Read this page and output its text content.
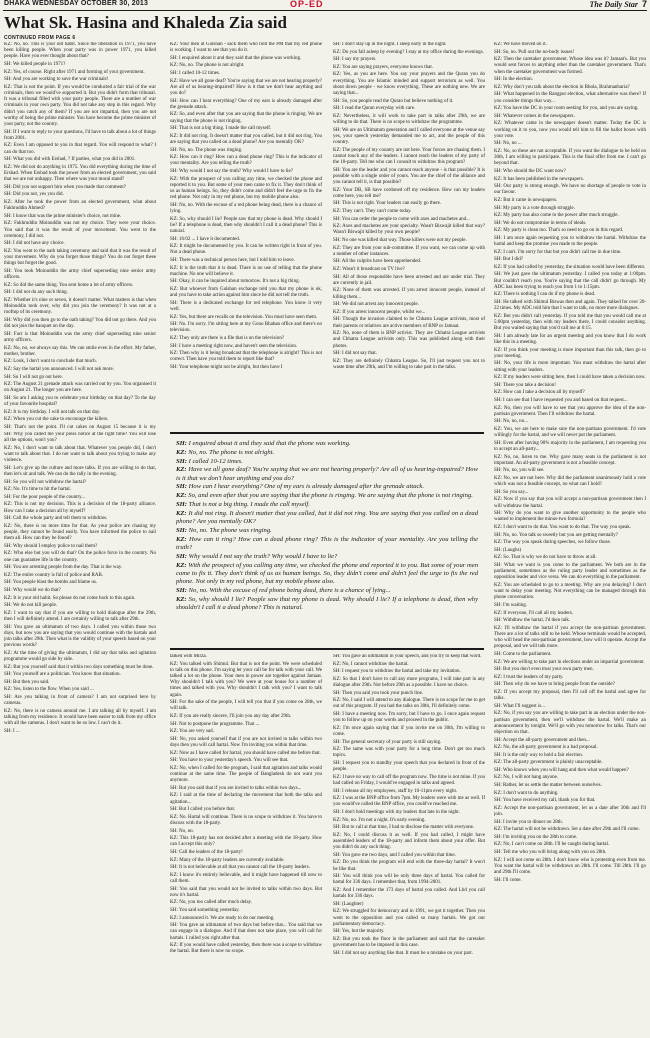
DHAKA WEDNESDAY OCTOBER 30, 2013	OP-ED	The Daily Star 7
What Sk. Hasina and Khaleda Zia said
CONTINUED FROM PAGE 6

KZ: No, no. This is your old habit. Since the liberation in 1971, you have been killing people. When your party was in power 1971, you killed people. Have you ever thought about that?

SH: We killed people in 1971?

KZ: Yes, of course. Right after 1971 and forming of your government.

SH: And you are working to save the war criminals!

KZ: That is not the point. If you would be conducted a fair trial of the war criminals, then we would've supported it. But you didn't form that tribunal. It was a tribunal filled with your party people. There are a number of war criminals in your own party. You did not take any step in this regard. Why didn't you catch any of them? If you are not impartial, then you are not worthy of being the prime minister. You have become the prime minister of your party, not the country.

SH: If I want to reply to your questions, I'd have to talk about a lot of things from 2001.

KZ: Even I am opposed to you in that regard. You will respond to what? I can do that too.

SH: What you did with Ershad, ? If parties, what you did in 2001.

KZ: We did not do anything in 1975. You did everything during the time of Ershad. When Ershad took the power from an elected government, you said that we are not unhappy. Then where was your moral stand?

SH: Did you not support him when you made that comment?

SH: Did you not, yes you did.

KZ: After he took the power from an elected government, what about Fakhruddin Ahmed?

SH: I know that was the prime minister's choice, not mine.

KZ: Fakhruddin Moinuddin was not my choice. They were your choice. You said that it was the result of your movement. You went to the ceremony, I did not.

SH: I did not have any choice.

KZ: You went to the oath taking ceremony and said that it was the result of your movement. Why do you forget those things? You do not forget these things but forget the good.

SH: You took Moinuddin the army chief superseding nine senior army officers.

KZ: So did the same thing. You sent home a lot of army officers.

SH: I did not do any such thing.

KZ: Whether it's nine or seven, it doesn't matter. What matters is that when Moinuddin took over, why did you join the ceremony? It was not at a rooftop of its ceremony.

SH: Why did you then go to the oath taking? You did not go there. And you did not join the banquet on the day.

SH: Fact is that Moinuddin was the army chief superseding nine senior army officers.

KZ: No, no, we always say this. We can smile even in the effort. My father, mother, brother.

KZ: Look, I don't want to conclude that much.

KZ: Say the hartal you announced. I will not ask more.

SH: So I will not go out here.

KZ: The August 21 grenade attack was carried out by you. You organised it on August 21. The longer you are here.

SH: So am I asking you to celebrate your birthday on that day? To the day of your favourite hospital?

KZ: It is my birthday. I will not talk on that day.

KZ: When you cut the cake to encourage the killers.

SH: That's not the point. I'll cut cakes on August 15 because it is my

KZ: Your men at Gulshan - sack them who told the PM that my red phone is working. I want to see that you do it.

SH: I enquired about it and they said that the phone was working.

KZ: No, no. The phone is not alright.

SH: I called 10-12 times.

KZ: Have we all gone deaf? You're saying that we are not hearing properly? Are all of us hearing-impaired? How is it that we don't hear anything and you do?

SH: How can I hear everything? One of my ears is already damaged after the grenade attack.

KZ: So, and even after that you are saying that the phone is ringing. We are saying that the phone is not ringing.

SH: That is not a big thing. I made the call myself.

KZ: It did not ring. It doesn't matter that you called, but it did not ring. You are saying that you called on a dead phone? Are you mentally OK?

SH: No, no. The phone was ringing.

KZ: How can it ring? How can a dead phone ring? This is the indicator of your mentality. Are you telling the truth?

SH: Why would I not say the truth? Why would I have to lie?

KZ: With the prospect of you calling any time, we checked the phone and reported it to you. But some of your men came to fix it. They don't think of us as human beings. So, they didn't come and didn't feel the urge to fix the red phone. Not only in my red phone, but my mobile phone also.

SH: No, no. With the excuse of a red phone being dead, there is a chance of lying.

KZ: So, why should I lie? People saw that my phone is dead. Why should I lie? If a telephone is dead, then why shouldn't I call it a dead phone? This is natural.

SH: 16:02 ... I have it documented.

KZ: It might be documented by you. It can be written right in front of you. Not a dead phone.

SH: There was a technical person here, but I told him to leave.

KZ: It is the truth that it is dead. There is no use of telling that the phone machine. No one will believe it.

SH: Okay, it can be inquired about tomorrow. It's not a big thing.

KZ: But whoever from Gulshan exchange told you that my phone is ok, and you have to take action against him since he did not tell the truth.

SH: There is a dedicated exchange for red telephone. You know it very well.

KZ: Yes, but there are recalls on the television. You must have seen them.

SH: No. I'm sorry. I'm sitting here at my Gono Bhaban office and there's no television.

KZ: They only are there is a file that is on the television?

SH: I have a meeting right now, and haven't seen the television.

KZ: Then why is it being broadcast that the telephone is alright? This is not correct. Then have you told them to report like that?

SH: Your telephone might not be alright, but then have I

SH: I don't stay up in the night. I sleep early in the night.

KZ: Do you fall asleep by evening? I stay at my office during the evenings.

SH: I say my prayers.

KZ: You are saying prayers, everyone knows that.

KZ: Yes, as you are here. You say your prayers and the Quran you do everything. You are Islamic minded and support terrorism as well. You shout down people - we know everything. These are nothing new. We are saying that...

SH: So, you people read the Quran but believe nothing of it.

SH: I read the Quran everyday with care.

KZ: Nevertheless, it will work to take part in talks after 29th, we are willing to do that. There is no scope to withdraw the programme.

SH: We are an Ultimatum generation and I called everyone at the venue say yes, your speech yesterday demanded me to act, and the people of this country.

KZ: The people of my country are not here. Your forces are chasing them. I cannot touch any of the leaders. I cannot reach the leaders of my party of the 18-party. Tell me who can I consult to withdraw this program?

SH: You are the leader and you cannot reach anyone - is that possible? It is possible with a single order of yours. You are the chief of the alliance and you cannot tell it, is that possible?

KZ: Your DB, SB have cordoned off my residence. How can my leaders come here, you tell me?

SH: This is not right. Your leaders can easily go there.

KZ: They can't. They can't come today.

SH: You can order the people to come with axes and machetes and...

KZ: Axes and machetes are your specialty. Wasn't Biswajit killed that way? Wasn't Biswajit killed by your own people?

SH: No one was killed that way. Those killers were not my people.

KZ: They are from your sub-committee. If you want, we can come up with a number of other instances.

SH: All the culprits have been apprehended.

KZ: Wasn't it broadcast on TV live?

SH: All of those responsible have been arrested and are under trial. They are currently in jail.

KZ: None of them was arrested. If you arrest innocent people, instead of killing them...

SH: We did not arrest any innocent people.

KZ: If you arrest innocent people, whilst we...

SH: Though the invasion claimed to be Chhatra League activists, most of their parents or relatives are active members of BNP or Jamaat.

KZ: No, none of them is BNP activist. They are Chhatra League activists and Chhatra League activists only. This was published along with their photos.

SH: I did not say that.

KZ: They are definitely Chhatra League. So, I'll just request you not to waste time after 29th, and I'm willing to take part in the talks.

KZ: We have moved on it.

SH: So, no. Pull out the no-body issues!

KZ: Then the caretaker government. Whose idea was it? Jamaat's. But you would sent forces to anything other than the caretaker government. That's when the caretaker government was formed.

SH: In the election.

KZ: Why don't you talk about the election in Bhola, Brahmanbaria?

SH: What happened in the Rangpur election, what alternative was there? If you consider things that way...

KZ: You have the DC in your room seeking for you, and you are saying.

SH: Whatever comes in the newspapers.

KZ: Whatever came in the newspaper doesn't matter. Today the DC is working on it to you, now you would tell him to fill the ballot boxes with your vote.

SH: No, no ...

KZ: No, so these are not acceptable. If you want the dialogue to be held on 30th, I am willing to participate. This is the final offer from me. I can't go beyond that.

SH: Who should the DC want now?

KZ: It has been published in the newspapers.

SH: Our party is strong enough. We have no shortage of people to vote in our favour.

KZ: But it came in newspapers.

SH: My party is a vote through struggle.

KZ: My party has also come to the power after much struggle.

SH: We do not compromise in terms of ideals.

KZ: My party is clean too. That's so need to go on in this regard.

SH: I am once again requesting you to withdraw the hartal. Withdraw the hartal and keep the promise you made to the people.

KZ: I can't. I'm sorry for that but you didn't call me in due time.

SH: But I did?

KZ: If you had called by yesterday, the situation would have been different.

SH: We just gave the ultimatum yesterday. I called you today at 1:00pm. But couldn't reach you. You're saying that the call didn't go through. My ADC has been trying to reach you from 1 to 1:15pm.

KZ: There is nothing I can do if my phone is dead.

SH: He talked with Shimul Biswas then and again. They talked for over 20-22 times. My ADC told him that I want to talk, no more more dialogues.

KZ: But you didn't call yesterday. If you told me that you would call me at 5:00pm yesterday, then with my leaders there, I could consider anything. But you waited saying that you'd call me at 6:15.

SH: I am already late for an urgent meeting and you know that I do work like this in a meeting.

KZ: If you think your meeting is more important than this talk, then go to your meeting.

SH: No, your life is more important. You must withdraw the hartal after sitting with your leaders.

KZ: If my leaders were sitting here, then I could have taken a decision now.

SH: There you take a decision!

KZ: How can I take a decision all by myself?

SH: I can see that I have requested you and based on that request...

KZ: No, then you will have to see that you approve the idea of the non-partisan government. Then I'll withdraw the hartal.

SH: No, no, no...

KZ: You, we are here to make sure the non-partisan government. I'd vote willingly for the hartal, and we will never put the parliament.

SH: Even after having 90% majority in the parliament, I am requesting you to accept an all-party...

KZ: No, no, listen to me. Why gave many seats in the parliament is not important. An all-party government is not a feasible concept.

SH: No, no, you will see.

KZ: No, we are not here. Why did the parliament unanimously hold a vote which was not a feasible concept, no what can I hold?

SH: So you say...

KZ: Now if you say that you will accept a non-partisan government then I will withdraw the hartal.

SH: Why do you want to give another opportunity to the people who wanted to implement the minus-two formula?

KZ: I don't want to do that. You want to do that. The way you speak.

SH: No, no. You talk so sweetly but you are getting mentally?

KZ: The way you speak during speeches, we follow those.

SH: (Laughs)

KZ: So. That is why we do not have to throw at all.

SH: What we want is you come to the parliament. We both are in the parliament, sometimes as the ruling party leader and sometimes as the opposition leader and vice versa. We can do everything in the parliament.

KZ: You are scheduled to go to a meeting. Why are you delaying? I don't want to delay your meeting. Not everything can be managed through this phone conversation.

SH: I'm waiting.

KZ: If everyone, I'll call all my leaders.

SH: Withdraw the hartal, I'd then talk.

KZ: I'll withdraw the hartal if you accept the non-partisan government. There are a lot of talks still to be held. Whose terminals would be accepted, who will head the non-partisan government, how will it operate. Accept the proposal, and we will talk more.

SH: Come to the parliament.

KZ: We are willing to take part in elections under an impartial government.

SH: But you don't even trust your own party men.

KZ: I trust the leaders of my party.

SH: Then why do we have to bring people from the outside?

KZ: If you accept my proposal, then I'll call off the hartal and agree for talks.

SH: What I'll suggest is...

KZ: No, if you say you are willing to take part in an election under the non-partisan government, then we'll withdraw the hartal. We'll make an announcement by tonight. We'll go with you tomorrow for talks. That's our objection on that.

SH: Accept the all-party government and then...

KZ: No, the all-party government is a bad proposal.

SH: It is the only way to hold a fair election.

KZ: The all-party government is plainly unacceptable.

SH: Who knows when you will hang and then what would happen?

KZ: No, I will not hang anyone.

SH: Rather, let us settle the matter between ourselves.

KZ: I don't want to do anything.

SH: You have received my call, thank you for that.

KZ: Accept the non-partisan government, let us a date after 30th and I'll join.

SH: I invite you to dinner on 28th.

KZ: The hartal will not be withdrawn. Set a date after 29th and I'll come.

SH: I'm inviting you on the 28th to come.

KZ: No, I can't come on 28th. I'll be caught during hartal.

SH: Tell me who you will bring along with you on 28th.

KZ: I will not come on 28th. I don't know who is protesting even from me. You want the hartal will be withdrawn on 28th. I'll come. Till 28th. I'll go and 29th I'll come.

SH: I'll come.

SH: Why you called me your press notice at the right time? You will lose all the options, won't you?

KZ: No, I don't want to talk about that. Whatever you people did, I don't want to talk about that. I do not want to talk about you trying to make any violence.

SH: Let's give up the culture and more talks. If you are willing to do that, then let's sit and talk. We can do the rally in the evening.

SH: So you will not withdraw the hartal?

KZ: No. It's time to hit the hartal.

SH: For the poor people of the country...

KZ: This is not my decision. This is a decision of the 18-party alliance. How can I take a decision all by myself?

SH: Call the whole party and tell them to withdraw.

KZ: No, there is no more time for that. As your police are chasing my people, they cannot be found easily. You have informed the police to nail them all. How can they be found?

SH: Why should I employ police to nail them?

KZ: Who else but you will do that? On the police force in the country. No one can guarantee life in the country.

SH: You are arresting people from the day. That is the way.

KZ: The entire country is full of police and RAB.

SH: You people blast the bombs and blame us.

SH: Why would we do that?

KZ: It is your old habit. So please do not come back to this again.

SH: We do not kill people.

KZ: I want to say that if you are willing to hold dialogue after the 29th, then I will definitely attend. I am certainly willing to talk after 29th.

SH: You gave an ultimatum of two days. I called you within those two days, but now you are saying that you would continue with the hartals and join talks after 29th. Then what is the validity of your speech based on your previous words?

KZ: At the time of giving the ultimatum, I did say that talks and agitation programme would go side by side.

KZ: But you yourself said that it within two days something must be done.

SH: You yourself are a politician. You know that situation.

SH: But then you said.

KZ: Yes, listen to the flow. When you said ...

SH: Are you talking in front of camera? I am not surprised here by cameras.

KZ: No, there is no camera around me. I am talking all by myself. I am talking from my residence. It would have been easier to talk from my office with all the cameras. I don't want to be so low. I can't do it.

SH: I ...

talked with Mirza.

KZ: You talked with Shimul. But that is not the point. We were scheduled to talk on this phone. I'm saying let your call be for talk with your call. We talked a lot on the phone. Your men in power are together against Jamaat. Why shouldn't I talk with you? We were at your house for a number of times and talked with you. Why shouldn't I talk with you? I want to talk again.

SH: For the sake of the people, I will tell you that if you come on 28th, we will talk.

KZ: If you are really sincere, I'll join you any day after 29th.

SH: Not to postpone the programme. That ...

KZ: You are very sad.

SH: No, you asked yourself that if you are not invited to talks within two days then you will call hartal. Now I'm inviting you within that time.

KZ: Now as I have called for hartal, you should have called me before that.

SH: You have to your yesterday's speech. You will see that.

KZ: No, when I called for the program, I said that agitation and talks would continue at the same time. The people of Bangladesh do not want you anymore.

SH: But you said that if you are invited to talks within two days...

KZ: I said at the time of declaring the movement that both the talks and agitation...

SH: But I called you before that.

KZ: No. Hartal will continue. There is no scope to withdraw it. You have to discuss with the 18-party.

SH: No, no.

KZ: This 18-party has not decided after a meeting with the 18-party. How can I accept this only?

SH: Call the leaders of the 18-party!

KZ: Many of the 18-party leaders are currently available.

SH: It is not believable at all that you cannot call the 18-party leaders.

KZ: I know it's entirely believable, and it might have happened till now to call them.

SH: You said that you would not be invited to talks within two days. But now it's hartal.

KZ: No, you too called after much delay.

SH: You said something yesterday.

KZ: I announced it. We are ready to do our meeting.

SH: You gave an ultimatum of two days but before that... You said that we can engage in a dialogue. And if that does not take place, you will call for hartals. I called you right after that.

KZ: If you would have called yesterday, then there was a scope to withdraw the hartal. But there is now no scope.

SH: You gave an ultimatum in your speech, and you try to keep that word.

KZ: No, I cannot withdraw the hartal.

SH: I request you to withdraw the hartal and take my invitation.

KZ: So that I don't have to call any more programs, I will take part in any dialogue after 29th. Not before 29th as a possible. I have no choice.

SH: Then you said you took your punch line.

KZ: No, I said I will attend to any dialogue. There is no scope for me to get out of this program. If you had the talks on 30th, I'll definitely come.

SH: I have a meeting now. I'm sorry, but I have to go. I once again request you to follow up on your words and proceed in the public.

KZ: I'm once again saying that if you invite me on 30th, I'm willing to come.

SH: The general secretary of your party is still saying.

KZ: The same was with your party for a long time. Don't get too much topics.

SH: I request you to standby your speech that you declared in front of the people.

KZ: I have no way to call off the program now. The time is not mine. If you had called on Friday, I would've engaged in talks and agreed.

SH: I release all my employees, staff by 10-11pm every night.

KZ: I was at the BNP office from 7pm. My leaders were with me as well. If you would've called the BNP office, you could've reached me.

SH: I don't hold meetings with my leaders that late in the night.

KZ: No, no. I'm not a night. It's early evening.

SH: But to call at that time, I had to disclose the matter with everyone.

KZ: No, I could discuss it as well. If you had called, I might have assembled leaders of the 18-party and inform them about your offer. But you didn't do any such thing.

SH: You gave me two days, and I called you within that time.

KZ: Do you think the program will end with the three-day hartal? It won't be like that.

SH: You will think you will be only three days of hartal. You called for hartal for 336 days. I remember that, from 1994-2001.

KZ: And I remember the 173 days of hartal you called. And Lhd you call hartals for 336 days.

SH: (Laughter)

KZ: We struggled for democracy and in 1991, we got it together. Then you went to the opposition and you called so many hartals. We got our parliamentary democracy.

SH: Yes, but the majority.

KZ: But you took the floor in the parliament and said that the caretaker government has to be imposed in this case.

SH: I did not say anything like that. It must be a mistake on your part.

SH: I enquired about it and they said that the phone was working.

KZ: No, no. The phone is not alright.

SH: I called 10-12 times.

KZ: Have we all gone deaf? You're saying that we are not hearing properly? Are all of us hearing-impaired? How is it that we don't hear anything and you do?

SH: How can I hear everything? One of my ears is already damaged after the grenade attack.

KZ: So, and even after that you are saying that the phone is ringing. We are saying that the phone is not ringing.

SH: That is not a big thing. I made the call myself.

KZ: It did not ring. It doesn't matter that you called, but it did not ring. You are saying that you called on a dead phone? Are you mentally OK?

SH: No, no. The phone was ringing.

KZ: How can it ring? How can a dead phone ring? This is the indicator of your mentality. Are you telling the truth?

SH: Why would I not say the truth? Why would I have to lie?

KZ: With the prospect of you calling any time, we checked the phone and reported it to you. But some of your men came to fix it. They don't think of us as human beings. So, they didn't come and didn't feel the urge to fix the red phone. Not only in my red phone, but my mobile phone also.

SH: No, no. With the excuse of red phone being dead, there is a chance of lying...

KZ: So, why should I lie? People saw that my phone is dead. Why should I lie? If a telephone is dead, then why shouldn't I call it a dead phone? This is natural.
